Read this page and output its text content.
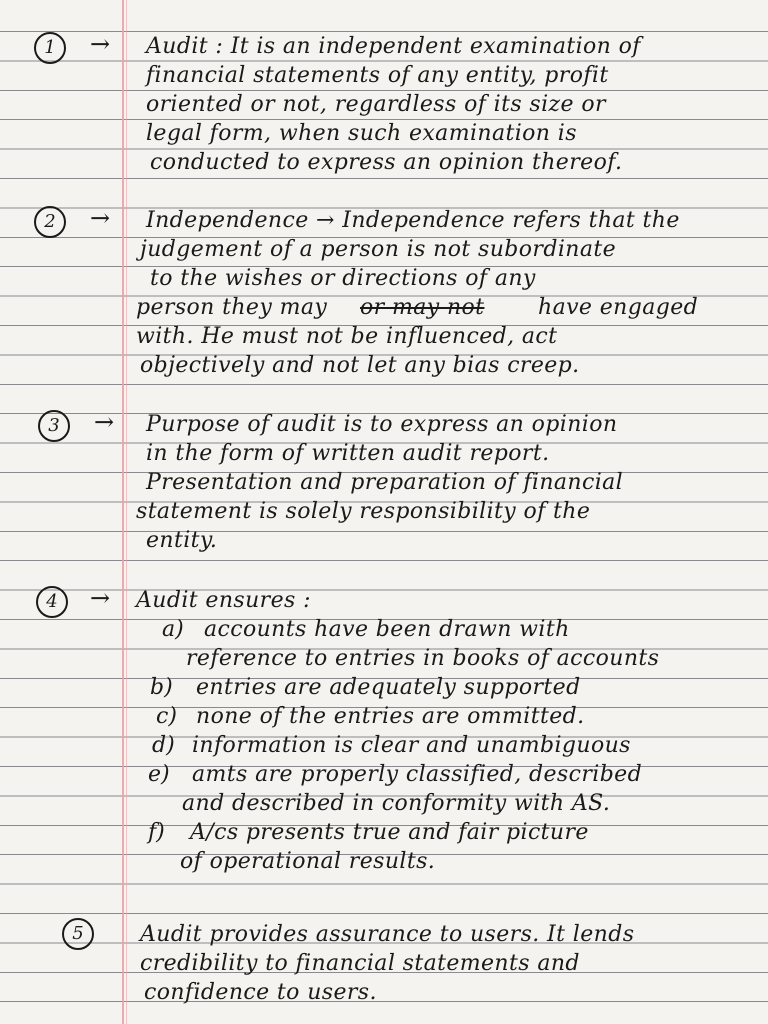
1	→ Audit : It is an independent examination of
financial statements of any entity, profit
oriented or not, regardless of its size or
legal form, when such examination is
conducted to express an opinion thereof.
2	→ Independence → Independence refers that the
judgement of a person is not subordinate
to the wishes or directions of any
person they may or may not have engaged
with. He must not be influenced, act
objectively and not let any bias creep.
3	→ Purpose of audit is to express an opinion
in the form of written audit report.
Presentation and preparation of financial
statement is solely responsibility of the
entity.
4	→ Audit ensures :
a) accounts have been drawn with
reference to entries in books of accounts
b) entries are adequately supported
c) none of the entries are ommitted.
d) information is clear and unambiguous
e) amts are properly classified, described
and described in conformity with AS.
f) A/cs presents true and fair picture
of operational results.
5	Audit provides assurance to users. It lends
credibility to financial statements and
confidence to users.
